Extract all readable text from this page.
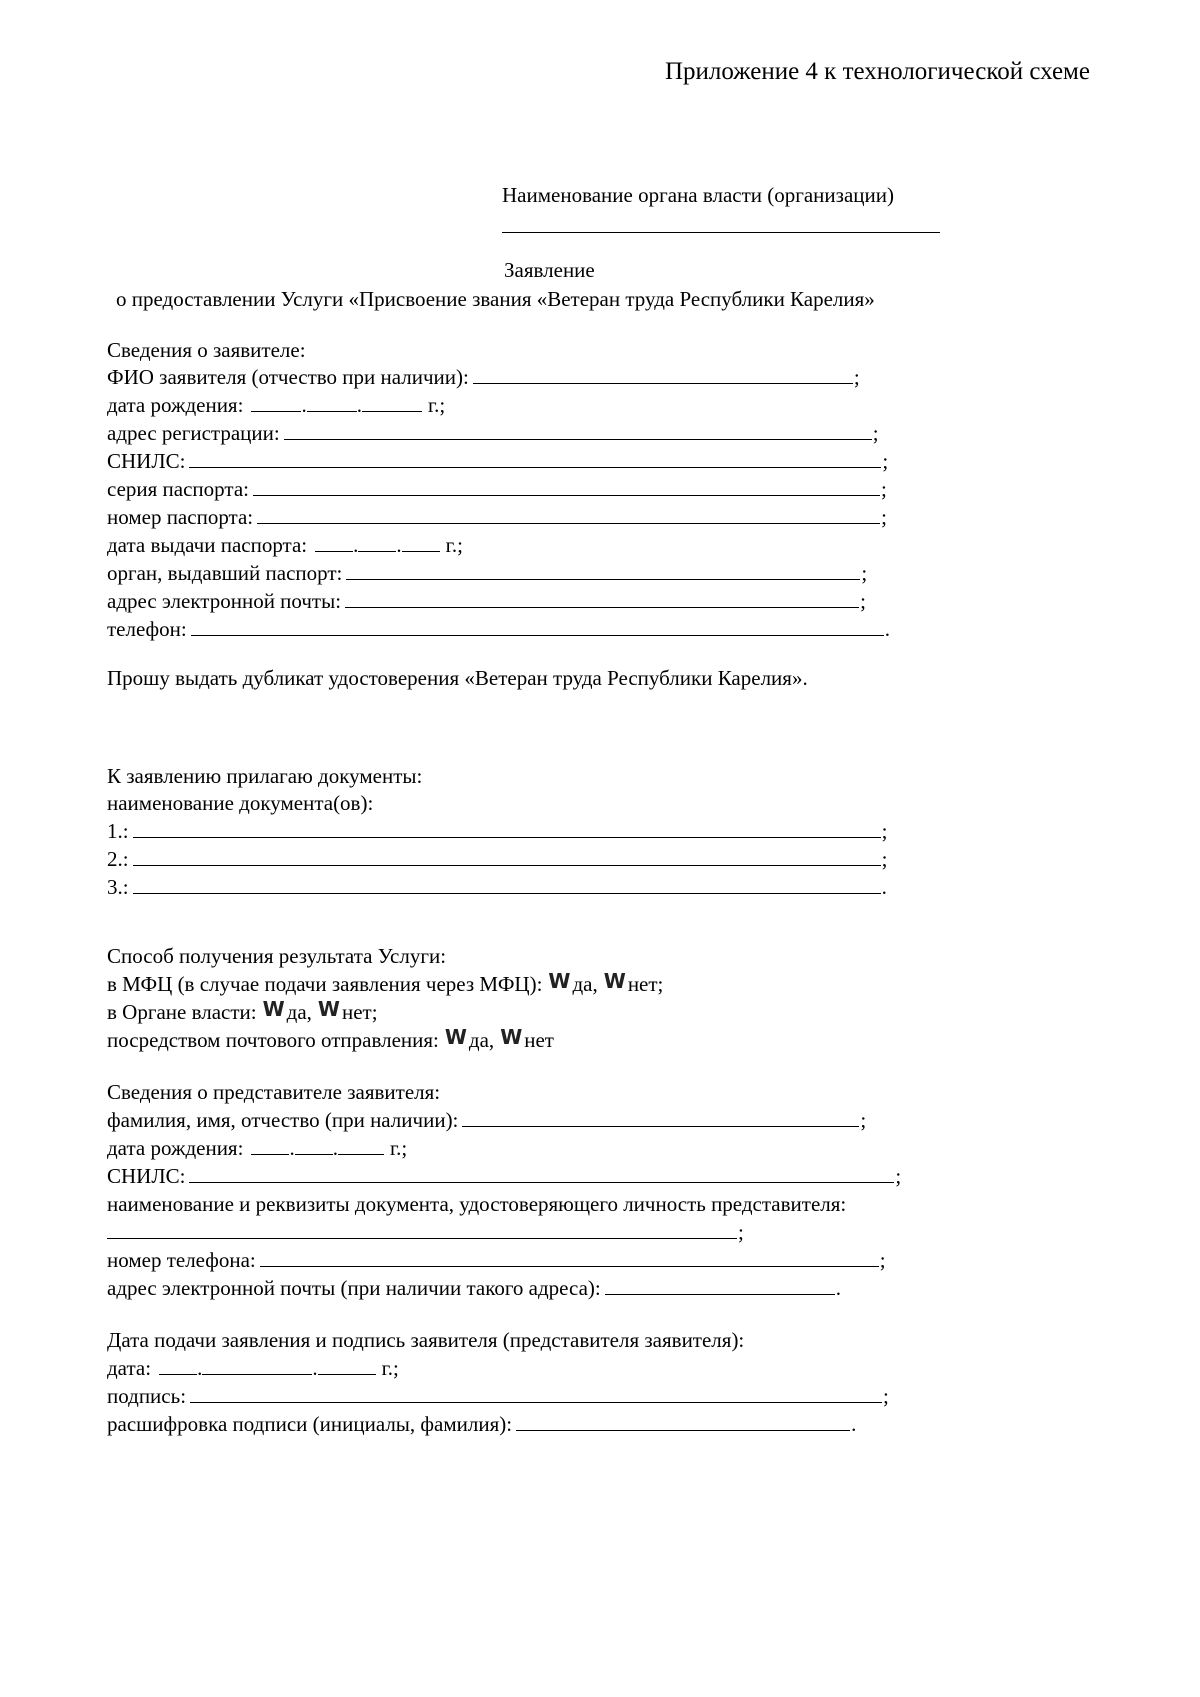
Приложение 4 к технологической схеме
Наименование органа власти (организации)
Заявление
о предоставлении Услуги «Присвоение звания «Ветеран труда Республики Карелия»
Сведения о заявителе:
ФИО заявителя (отчество при наличии):	;
дата рождения:	. .	г.;
адрес регистрации:	;
СНИЛС:	;
серия паспорта:	;
номер паспорта:	;
дата выдачи паспорта: . . г.;
орган, выдавший паспорт:	;
адрес электронной почты:	;
телефон:	.
Прошу выдать дубликат удостоверения «Ветеран труда Республики Карелия».
К заявлению прилагаю документы:
наименование документа(ов):
1.:	;
2.:	;
3.:	.
Способ получения результата Услуги:
в МФЦ (в случае подачи заявления через МФЦ): W да, W нет;
в Органе власти: W да, W нет;
посредством почтового отправления: W да, W нет
Сведения о представителе заявителя:
фамилия, имя, отчество (при наличии):	;
дата рождения: . . г.;
СНИЛС:	;
наименование и реквизиты документа, удостоверяющего личность представителя:
;
номер телефона:	;
адрес электронной почты (при наличии такого адреса):	.
Дата подачи заявления и подпись заявителя (представителя заявителя):
дата: .	.	г.;
подпись:	;
расшифровка подписи (инициалы, фамилия):	.
